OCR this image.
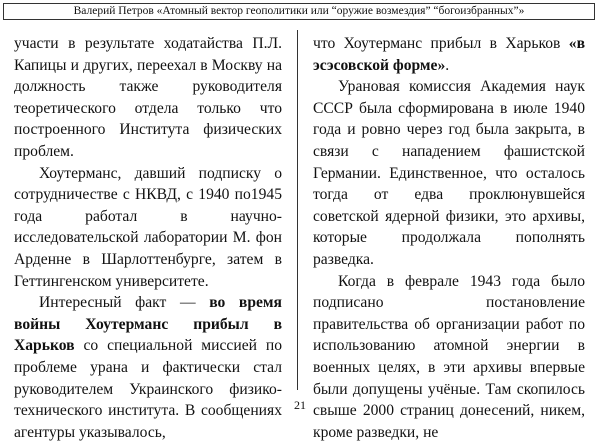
Валерий Петров «Атомный вектор геополитики или “оружие возмездия” “богоизбранных”»

участи в результате ходатайства П.Л. Капицы и других, переехал в Москву на должность также руководителя теоретического отдела только что построенного Института физических проблем.

Хоутерманс, давший подписку о сотрудничестве с НКВД, с 1940 по1945 года работал в научно-исследовательской лаборатории М. фон Арденне в Шарлоттенбурге, затем в Геттингенском университете.

Интересный факт — во время войны Хоутерманс прибыл в Харьков со специальной миссией по проблеме урана и фактически стал руководителем Украинского физико-технического института. В сообщениях агентуры указывалось,

что Хоутерманс прибыл в Харьков «в эсэсовской форме».

Урановая комиссия Академия наук СССР была сформирована в июле 1940 года и ровно через год была закрыта, в связи с нападением фашистской Германии. Единственное, что осталось тогда от едва проклюнувшейся советской ядерной физики, это архивы, которые продолжала пополнять разведка.

Когда в феврале 1943 года было подписано постановление правительства об организации работ по использованию атомной энергии в военных целях, в эти архивы впервые были допущены учёные. Там скопилось свыше 2000 страниц донесений, никем, кроме разведки, не

21
